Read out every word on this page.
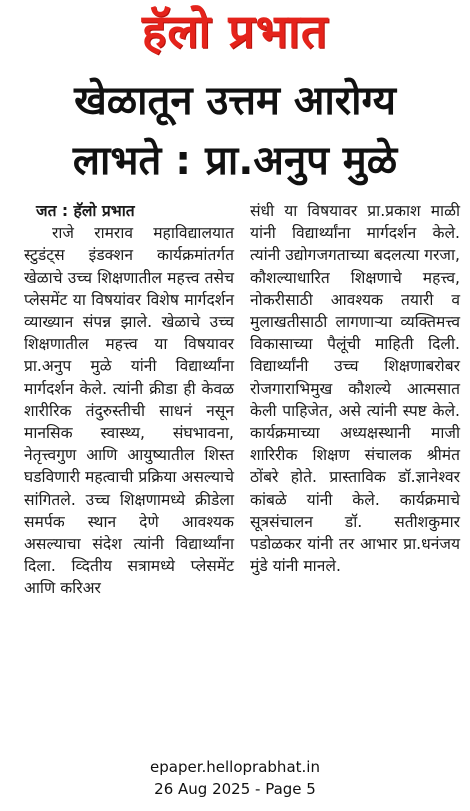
हॅलो प्रभात
खेळातून उत्तम आरोग्य
लाभते : प्रा.अनुप मुळे

जत : हॅलो प्रभात

राजे रामराव महाविद्यालयात स्टुडंट्स इंडक्शन कार्यक्रमांतर्गत खेळाचे उच्च शिक्षणातील महत्त्व तसेच प्लेसमेंट या विषयांवर विशेष मार्गदर्शन व्याख्यान संपन्न झाले. खेळाचे उच्च शिक्षणातील महत्त्व या विषयावर प्रा.अनुप मुळे यांनी विद्यार्थ्यांना मार्गदर्शन केले. त्यांनी क्रीडा ही केवळ शारीरिक तंदुरुस्तीची साधनं नसून मानसिक स्वास्थ्य, संघभावना, नेतृत्त्वगुण आणि आयुष्यातील शिस्त घडविणारी महत्वाची प्रक्रिया असल्याचे सांगितले. उच्च शिक्षणामध्ये क्रीडेला समर्पक स्थान देणे आवश्यक असल्याचा संदेश त्यांनी विद्यार्थ्यांना दिला. व्दितीय सत्रामध्ये प्लेसमेंट आणि करिअर

संधी या विषयावर प्रा.प्रकाश माळी यांनी विद्यार्थ्यांना मार्गदर्शन केले. त्यांनी उद्योगजगताच्या बदलत्या गरजा, कौशल्याधारित शिक्षणाचे महत्त्व, नोकरीसाठी आवश्यक तयारी व मुलाखतीसाठी लागणाऱ्या व्यक्तिमत्त्व विकासाच्या पैलूंची माहिती दिली. विद्यार्थ्यांनी उच्च शिक्षणाबरोबर रोजगाराभिमुख कौशल्ये आत्मसात केली पाहिजेत, असे त्यांनी स्पष्ट केले. कार्यक्रमाच्या अध्यक्षस्थानी माजी शारिरीक शिक्षण संचालक श्रीमंत ठोंबरे होते. प्रास्ताविक डॉ.ज्ञानेश्वर कांबळे यांनी केले. कार्यक्रमाचे सूत्रसंचालन डॉ. सतीशकुमार पडोळकर यांनी तर आभार प्रा.धनंजय मुंडे यांनी मानले.

epaper.helloprabhat.in
26 Aug 2025 - Page 5
